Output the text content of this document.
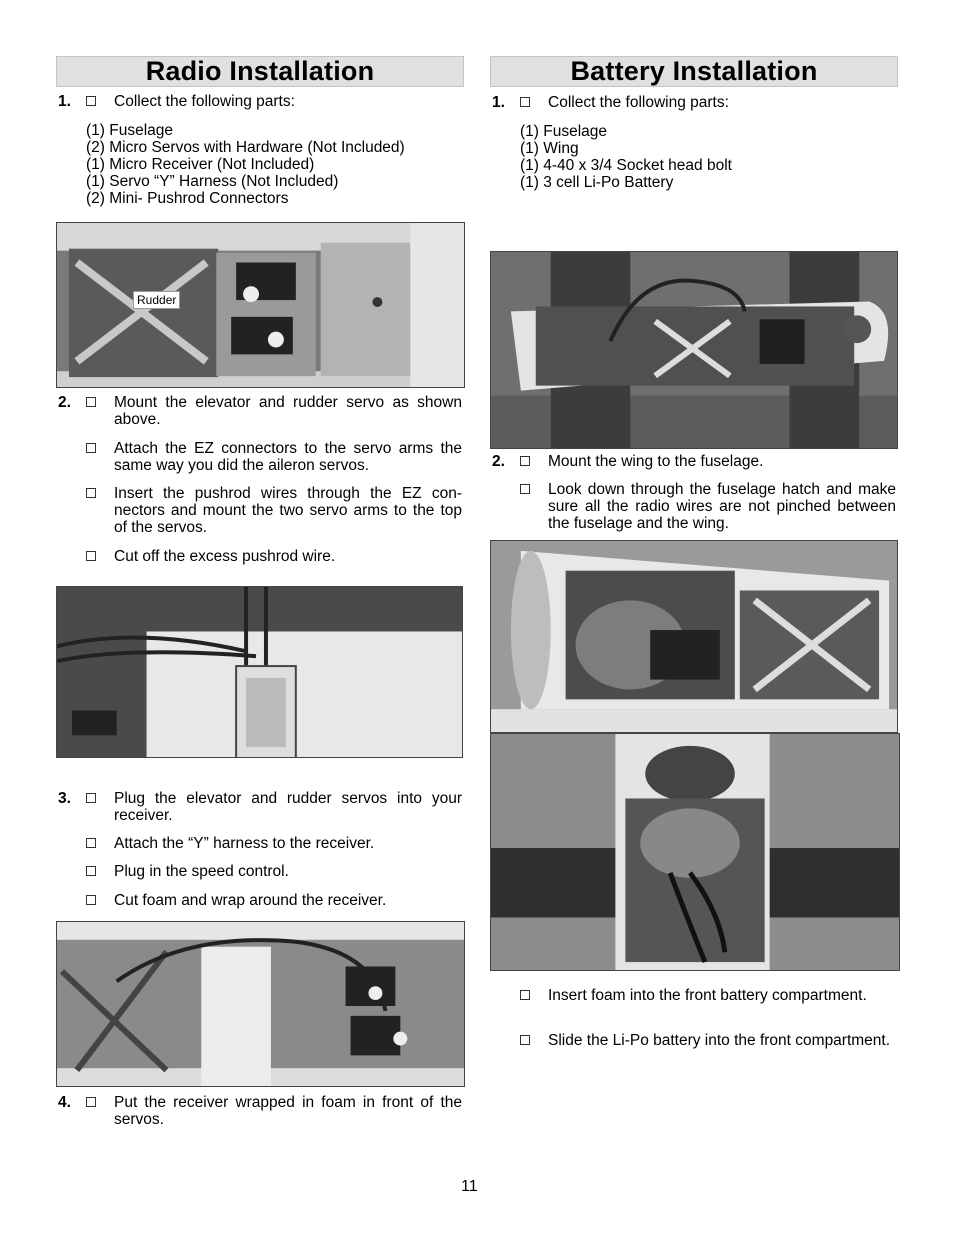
Radio Installation
1.	Collect the following parts:
(1) Fuselage
(2) Micro Servos with Hardware (Not Included)
(1) Micro Receiver (Not Included)
(1) Servo “Y” Harness (Not Included)
(2) Mini- Pushrod Connectors
Rudder
2.	Mount the elevator and rudder servo as shown above.
Attach the EZ connectors to the servo arms the same way you did the aileron servos.
Insert the pushrod wires through the EZ connectors and mount the two servo arms to the top of the servos.
Cut off the excess pushrod wire.
3.	Plug the elevator and rudder servos into your receiver.
Attach the “Y” harness to the receiver.
Plug in the speed control.
Cut foam and wrap around the receiver.
4.	Put the receiver wrapped in foam in front of the servos.
Battery Installation
1.	Collect the following parts:
(1) Fuselage
(1) Wing
(1) 4-40 x 3/4 Socket head bolt
(1) 3 cell Li-Po Battery
2.	Mount the wing to the fuselage.
Look down through the fuselage hatch and make sure all the radio wires are not pinched between the fuselage and the wing.
Insert foam into the front battery compartment.
Slide the Li-Po battery into the front compartment.
11
